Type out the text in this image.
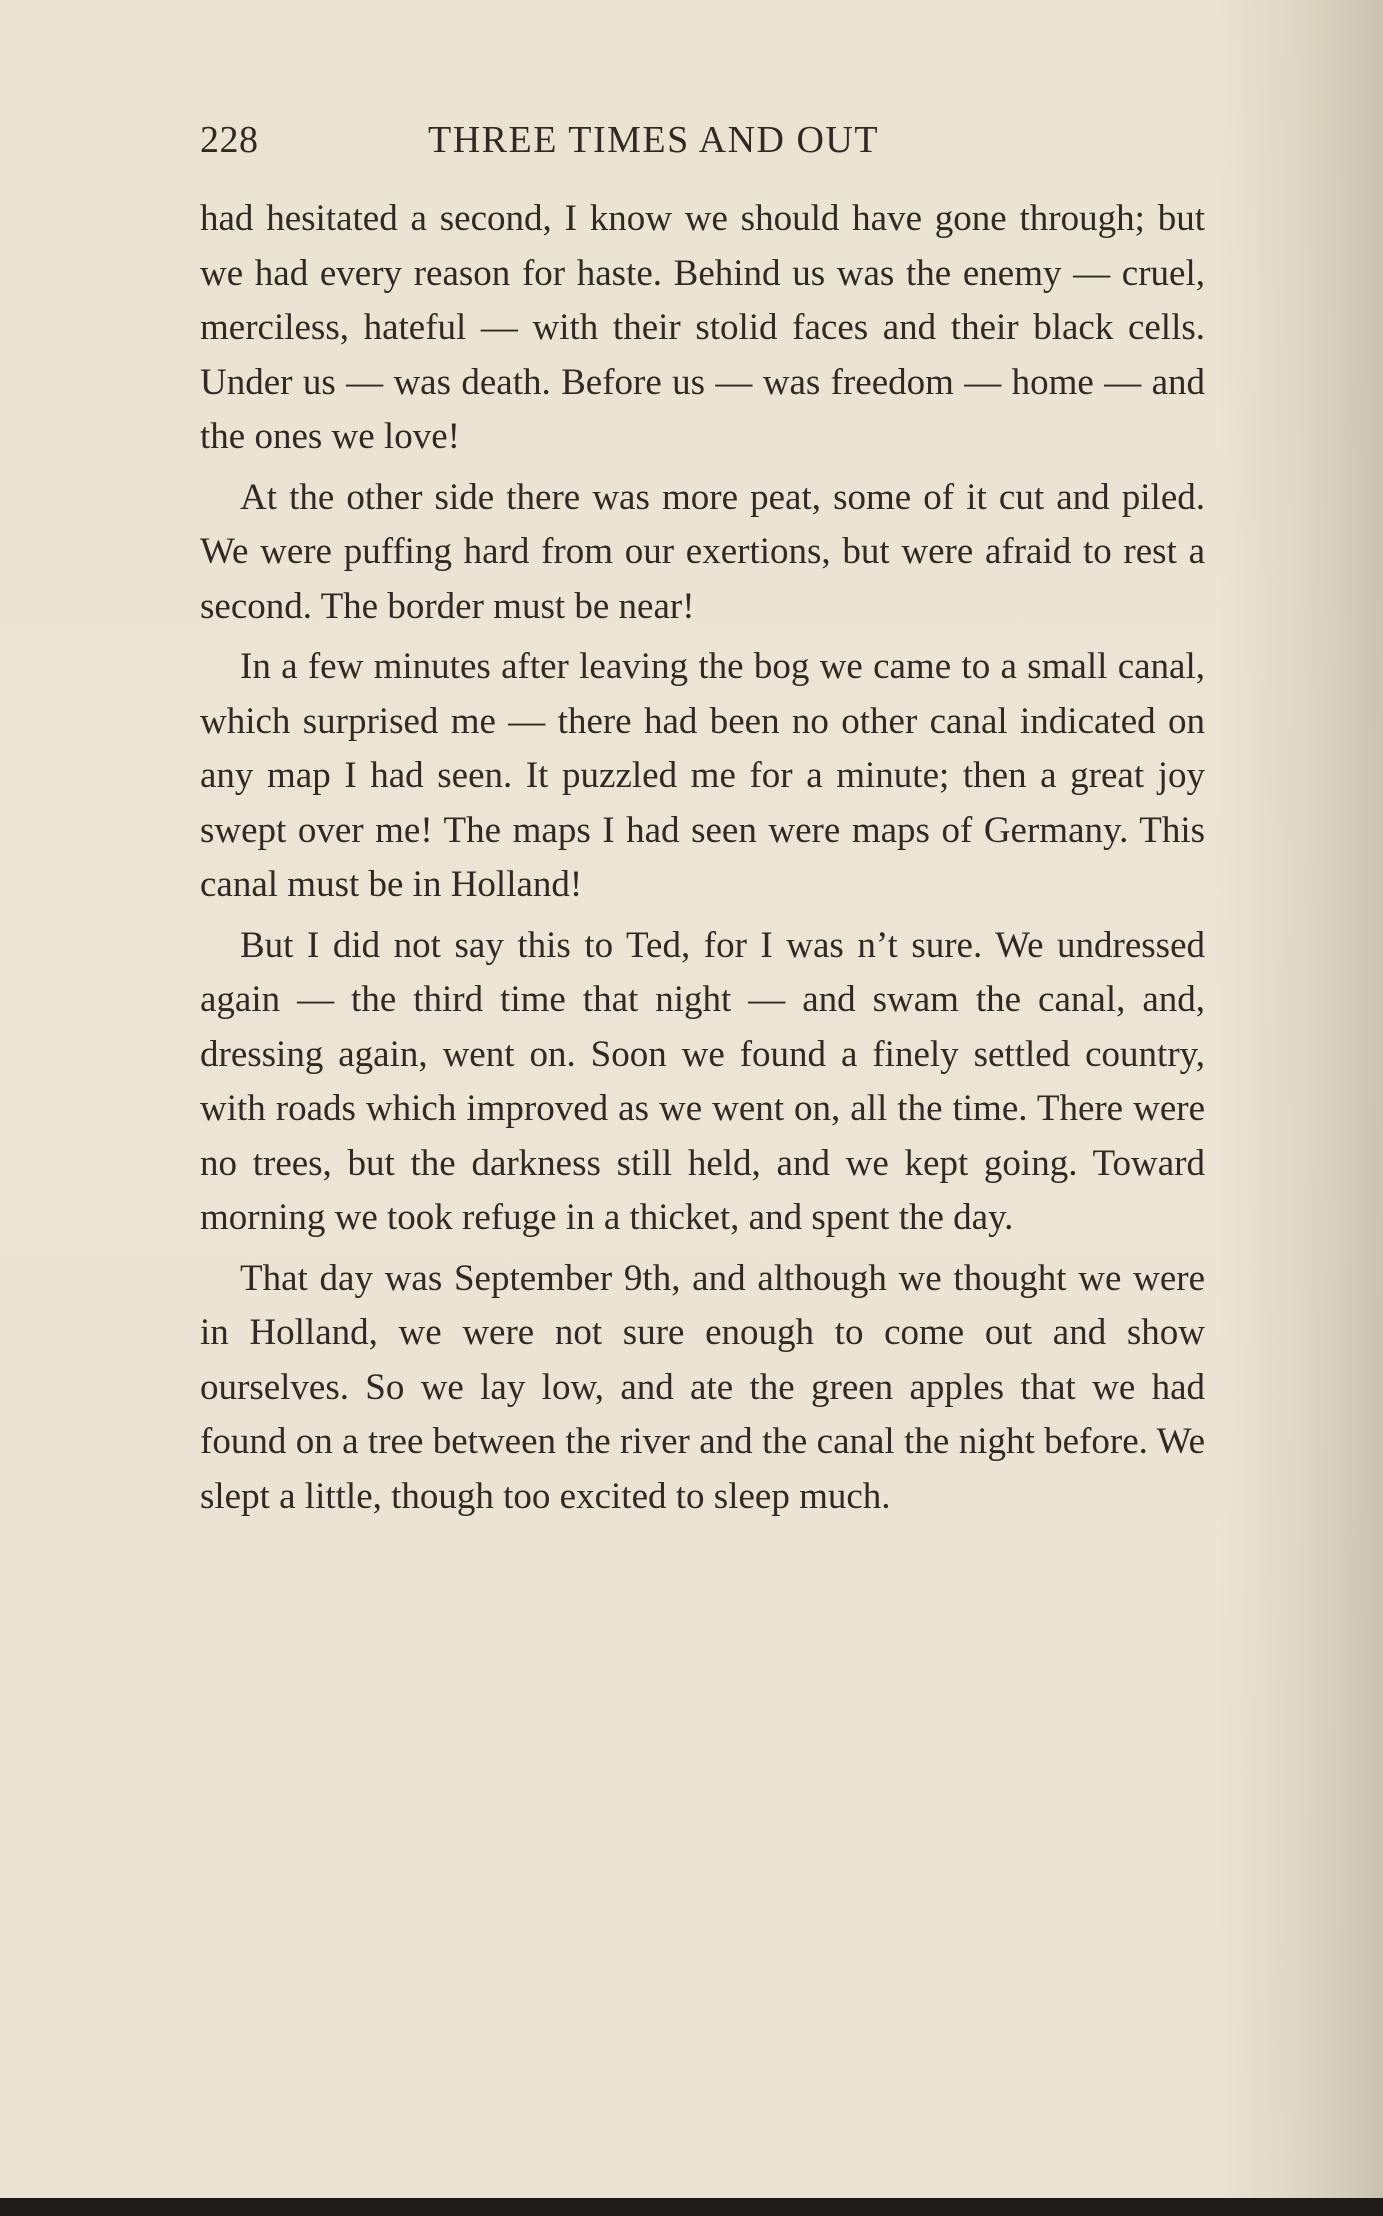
228	THREE TIMES AND OUT

had hesitated a second, I know we should have gone through; but we had every reason for haste. Behind us was the enemy — cruel, merciless, hateful — with their stolid faces and their black cells. Under us — was death. Before us — was freedom — home — and the ones we love!

At the other side there was more peat, some of it cut and piled. We were puffing hard from our exertions, but were afraid to rest a second. The border must be near!

In a few minutes after leaving the bog we came to a small canal, which surprised me — there had been no other canal indicated on any map I had seen. It puzzled me for a minute; then a great joy swept over me! The maps I had seen were maps of Germany. This canal must be in Holland!

But I did not say this to Ted, for I was n’t sure. We undressed again — the third time that night — and swam the canal, and, dressing again, went on. Soon we found a finely settled country, with roads which improved as we went on, all the time. There were no trees, but the darkness still held, and we kept going. Toward morning we took refuge in a thicket, and spent the day.

That day was September 9th, and although we thought we were in Holland, we were not sure enough to come out and show ourselves. So we lay low, and ate the green apples that we had found on a tree between the river and the canal the night before. We slept a little, though too excited to sleep much.
